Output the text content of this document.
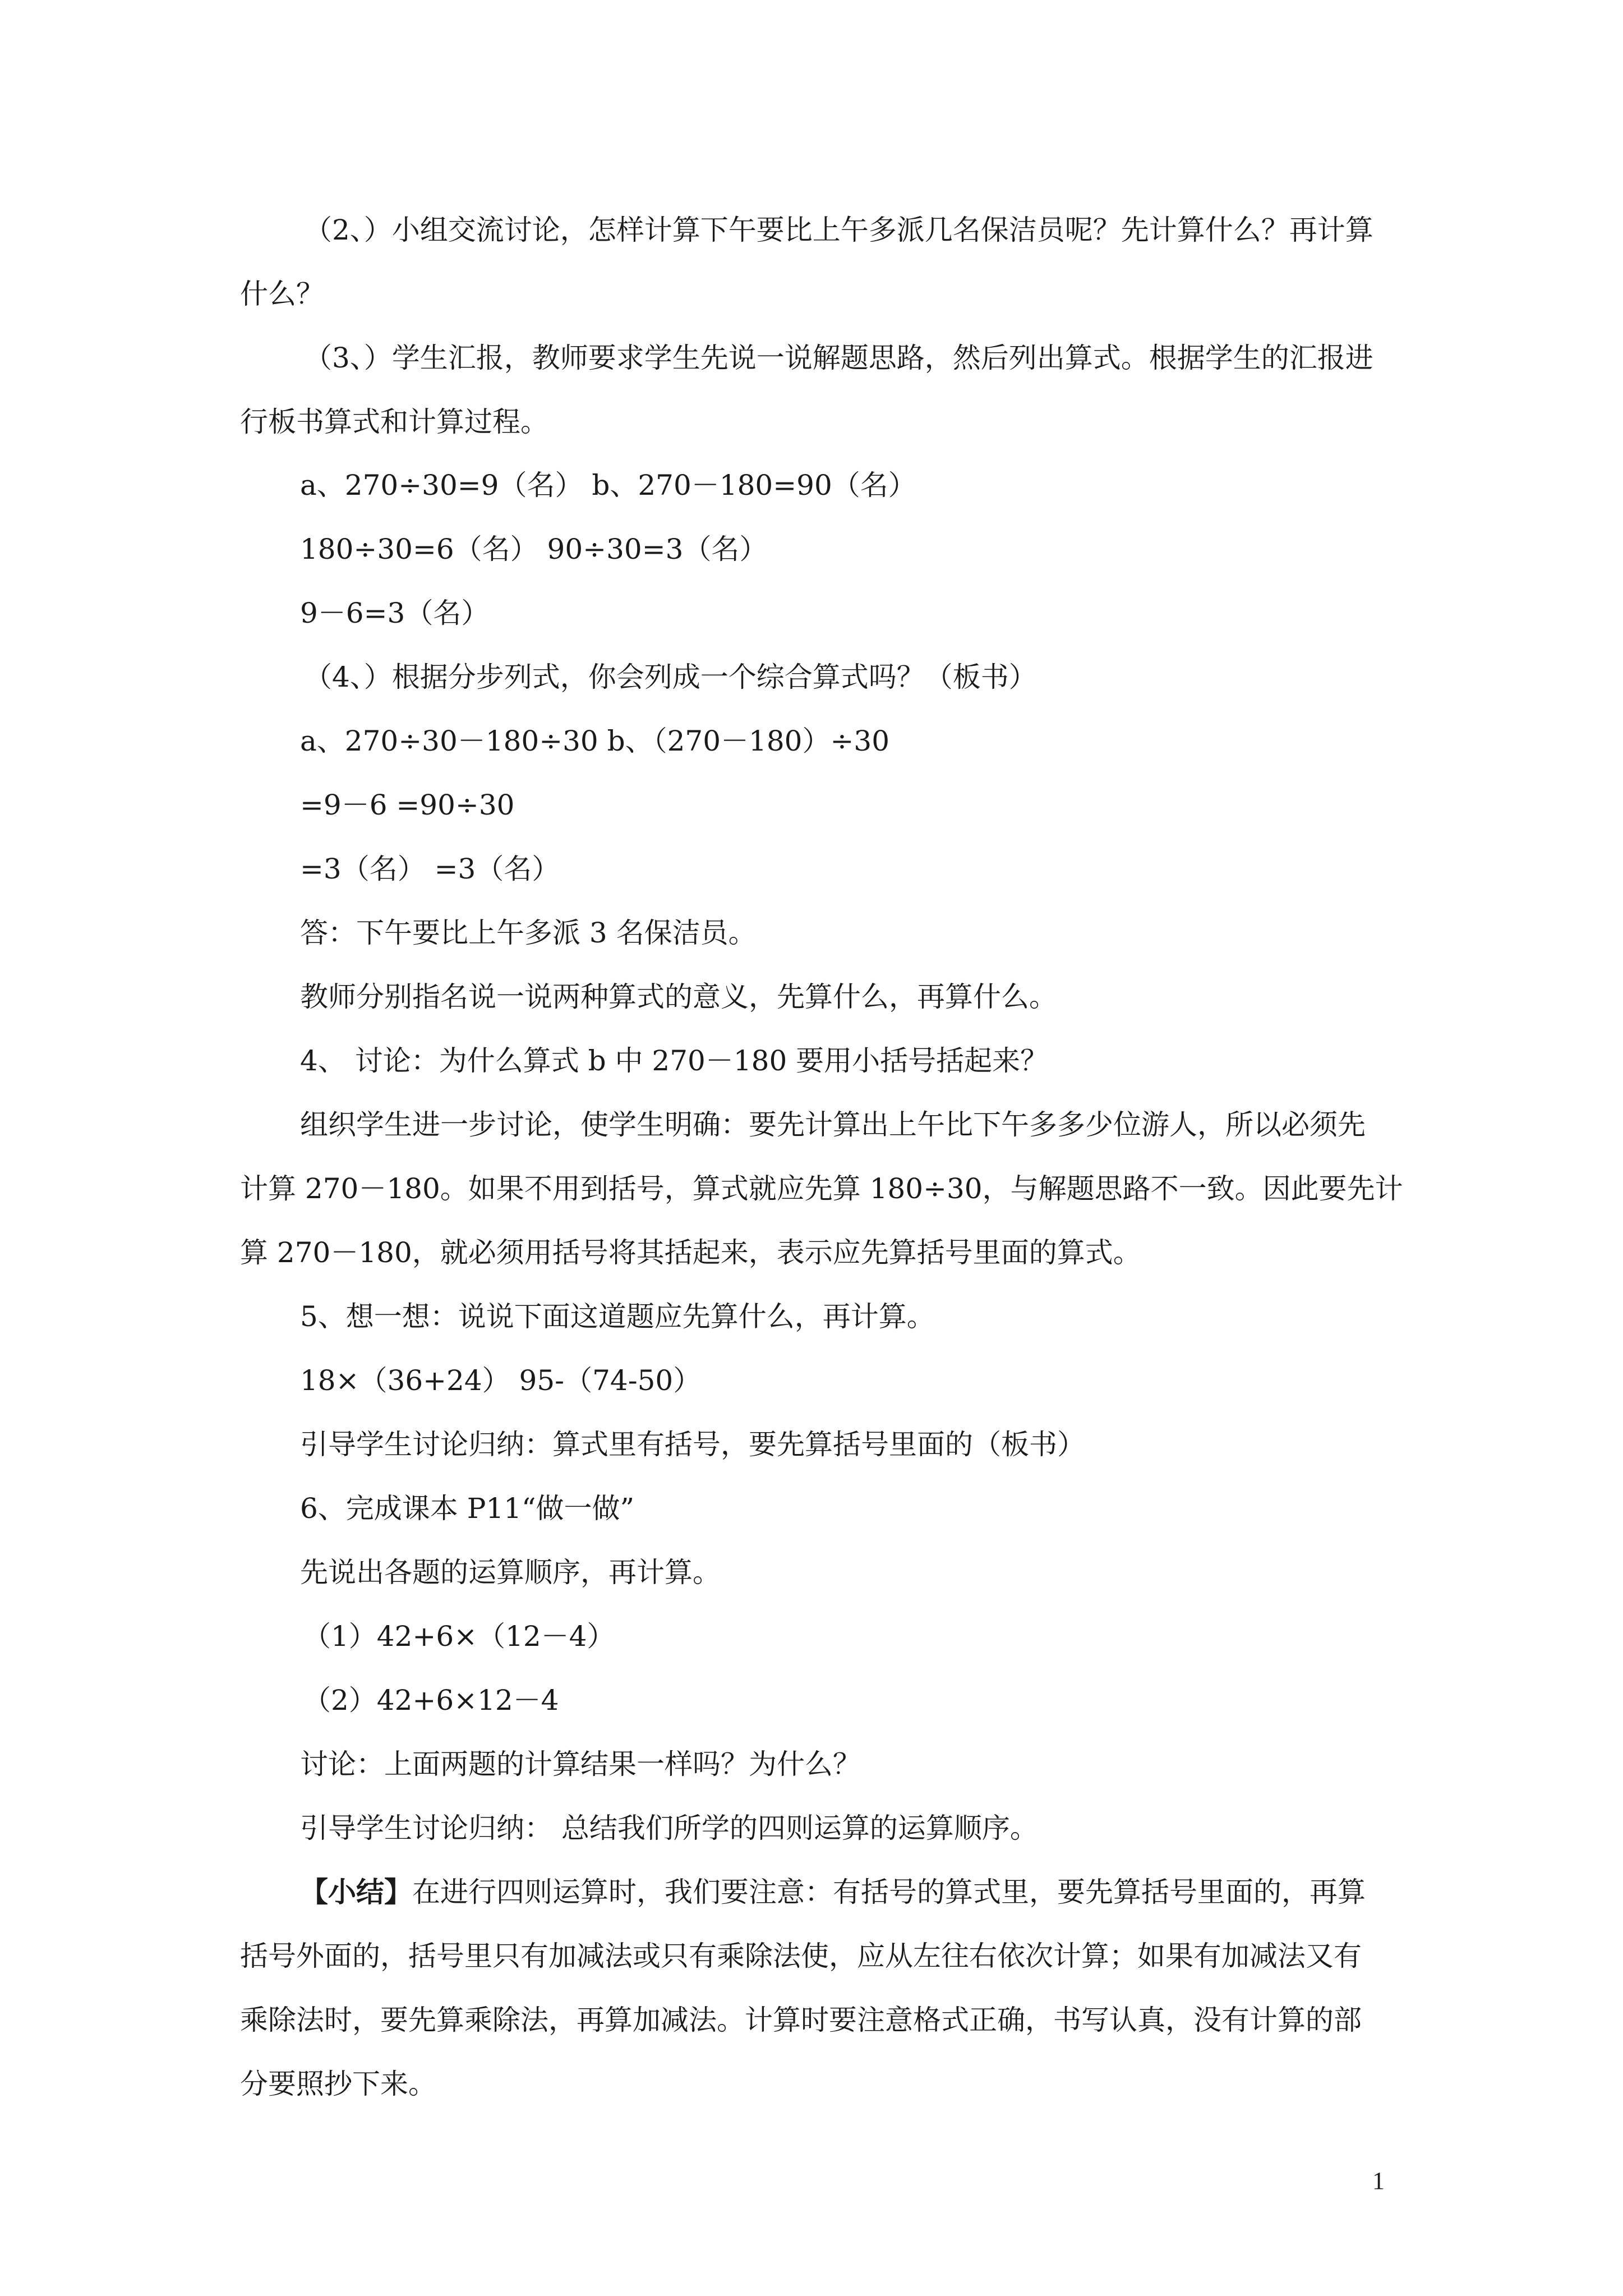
（2、）小组交流讨论，怎样计算下午要比上午多派几名保洁员呢？先计算什么？再计算
什么？
（3、）学生汇报，教师要求学生先说一说解题思路，然后列出算式。根据学生的汇报进
行板书算式和计算过程。
a、270÷30=9（名） b、270－180=90（名）
180÷30=6（名） 90÷30=3（名）
9－6=3（名）
（4、）根据分步列式，你会列成一个综合算式吗？（板书）
a、270÷30－180÷30 b、（270－180）÷30
=9－6 =90÷30
=3（名） =3（名）
答：下午要比上午多派 3 名保洁员。
教师分别指名说一说两种算式的意义，先算什么，再算什么。
4、 讨论：为什么算式 b 中 270－180 要用小括号括起来？
组织学生进一步讨论，使学生明确：要先计算出上午比下午多多少位游人，所以必须先
计算 270－180。如果不用到括号，算式就应先算 180÷30，与解题思路不一致。因此要先计
算 270－180，就必须用括号将其括起来，表示应先算括号里面的算式。
5、想一想：说说下面这道题应先算什么，再计算。
18×（36+24） 95-（74-50）
引导学生讨论归纳：算式里有括号，要先算括号里面的（板书）
6、完成课本 P11“做一做”
先说出各题的运算顺序，再计算。
（1）42+6×（12－4）
（2）42+6×12－4
讨论：上面两题的计算结果一样吗？为什么？
引导学生讨论归纳： 总结我们所学的四则运算的运算顺序。
【小结】在进行四则运算时，我们要注意：有括号的算式里，要先算括号里面的，再算
括号外面的，括号里只有加减法或只有乘除法使，应从左往右依次计算；如果有加减法又有
乘除法时，要先算乘除法，再算加减法。计算时要注意格式正确，书写认真，没有计算的部
分要照抄下来。
1
